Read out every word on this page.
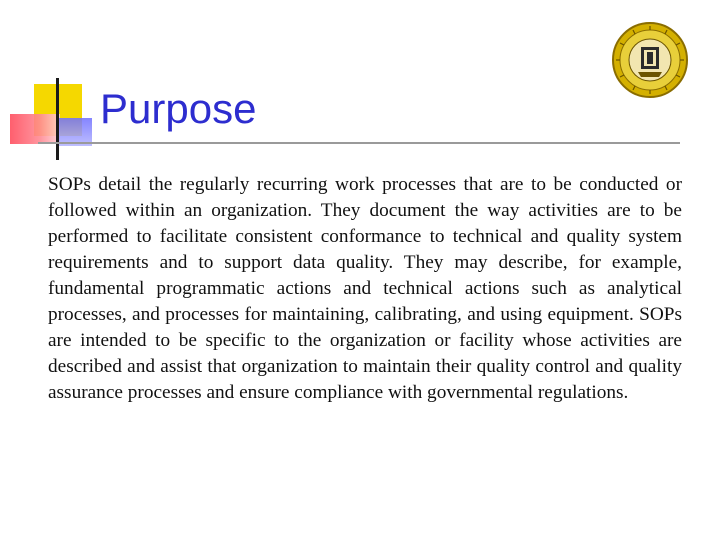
Purpose

SOPs detail the regularly recurring work processes that are to be conducted or followed within an organization. They document the way activities are to be performed to facilitate consistent conformance to technical and quality system requirements and to support data quality. They may describe, for example, fundamental programmatic actions and technical actions such as analytical processes, and processes for maintaining, calibrating, and using equipment. SOPs are intended to be specific to the organization or facility whose activities are described and assist that organization to maintain their quality control and quality assurance processes and ensure compliance with governmental regulations.
